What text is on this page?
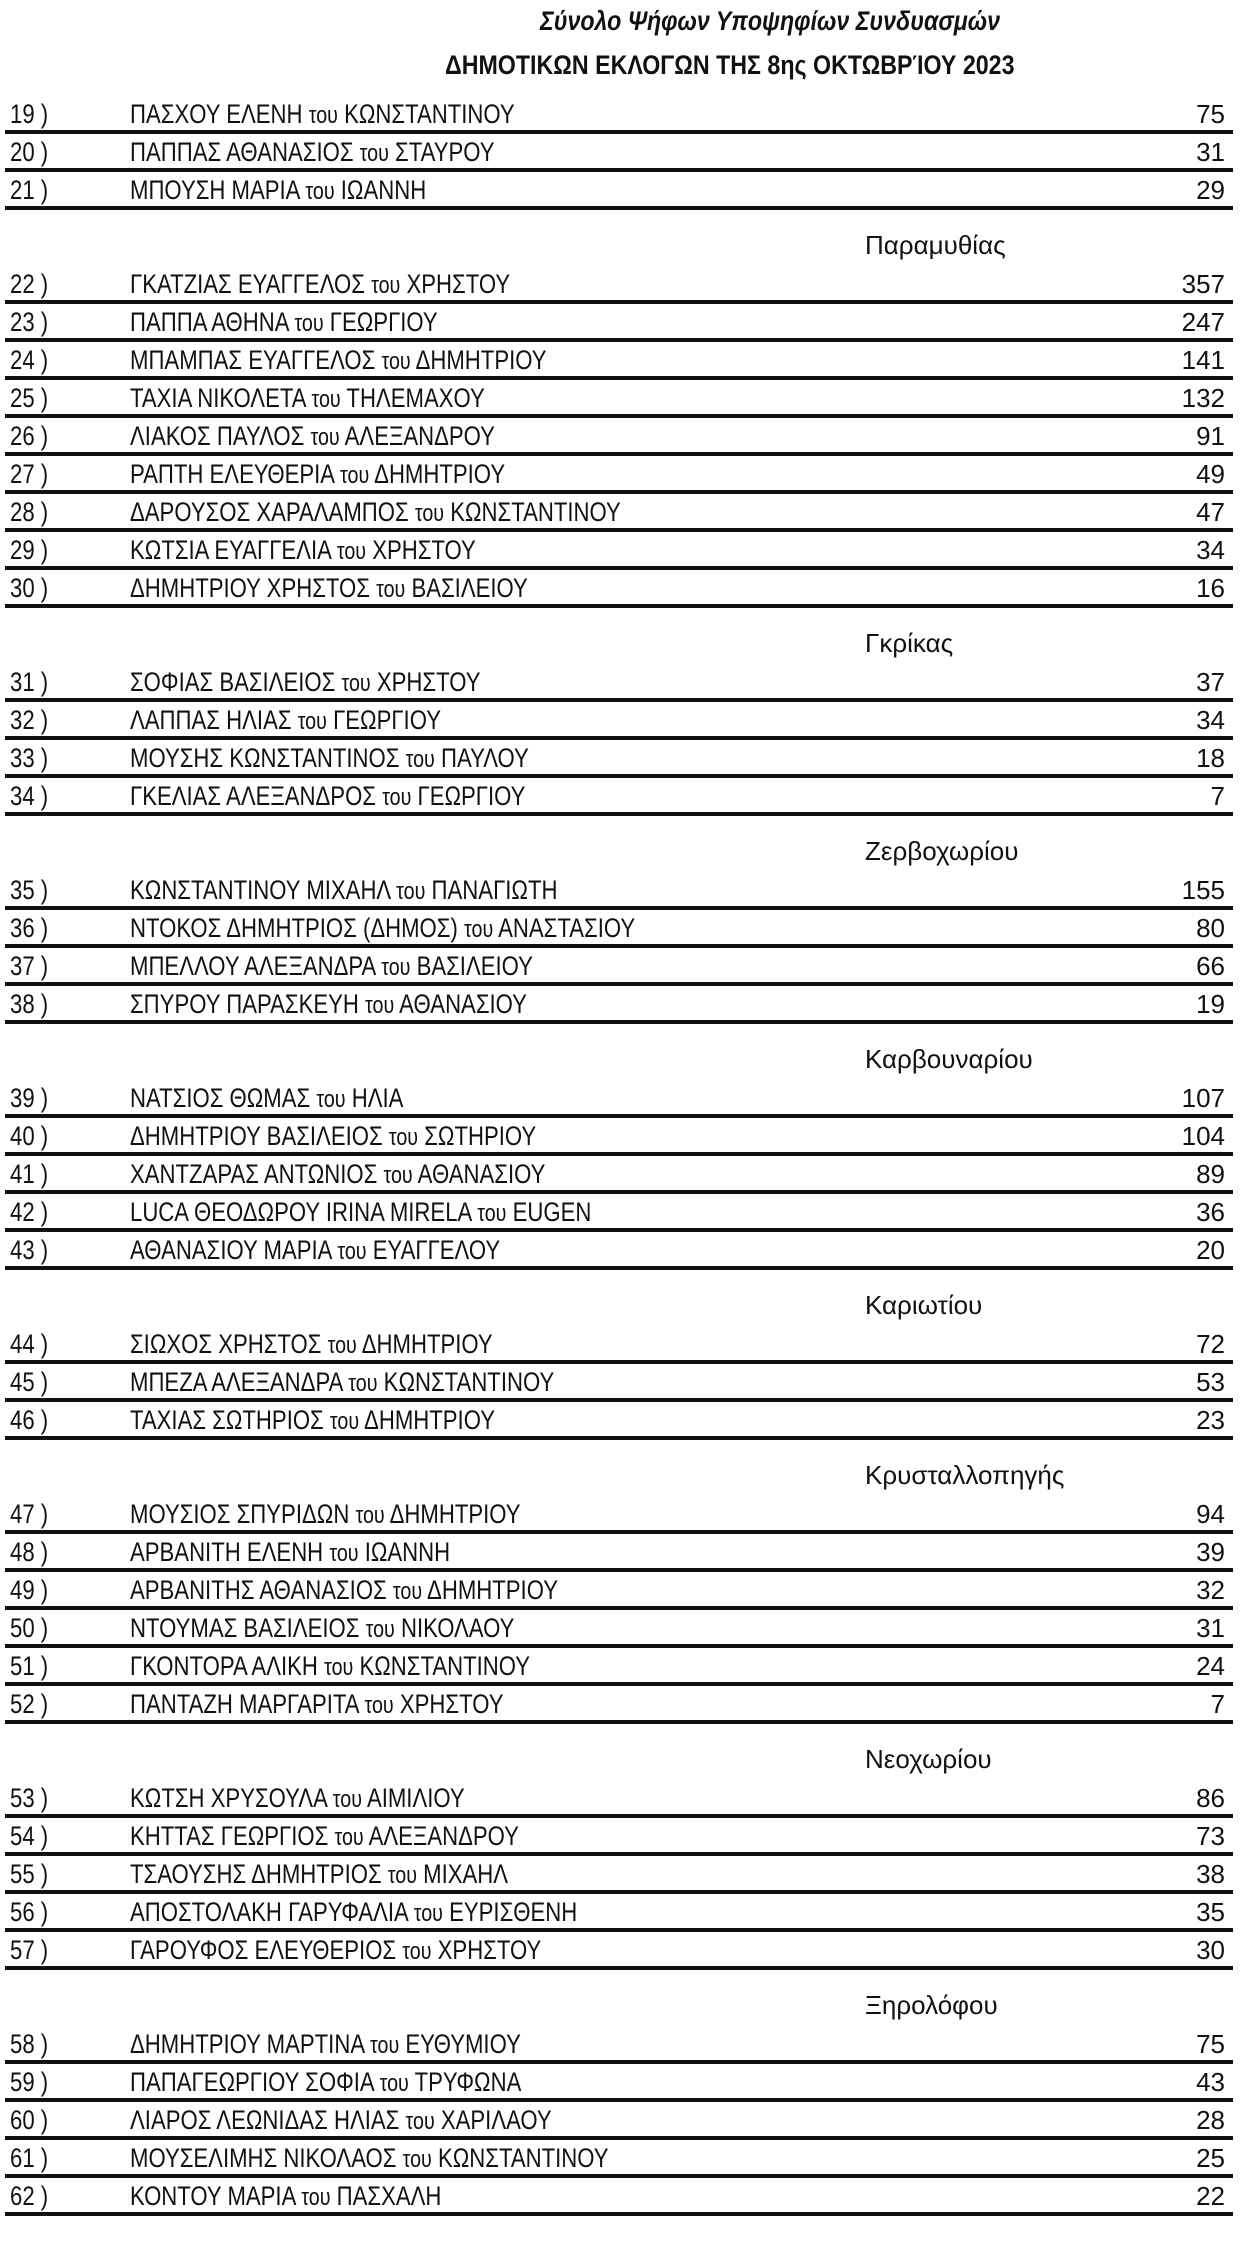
Σύνολο Ψήφων Υποψηφίων Συνδυασμών
ΔΗΜΟΤΙΚΩΝ ΕΚΛΟΓΩΝ ΤΗΣ 8ης ΟΚΤΩΒΡΊΟΥ 2023
19 )	ΠΑΣΧΟΥ ΕΛΕΝΗ του ΚΩΝΣΤΑΝΤΙΝΟΥ	75
20 )	ΠΑΠΠΑΣ ΑΘΑΝΑΣΙΟΣ του ΣΤΑΥΡΟΥ	31
21 )	ΜΠΟΥΣΗ ΜΑΡΙΑ του ΙΩΑΝΝΗ	29
Παραμυθίας
22 )	ΓΚΑΤΖΙΑΣ ΕΥΑΓΓΕΛΟΣ του ΧΡΗΣΤΟΥ	357
23 )	ΠΑΠΠΑ ΑΘΗΝΑ του ΓΕΩΡΓΙΟΥ	247
24 )	ΜΠΑΜΠΑΣ ΕΥΑΓΓΕΛΟΣ του ΔΗΜΗΤΡΙΟΥ	141
25 )	ΤΑΧΙΑ ΝΙΚΟΛΕΤΑ του ΤΗΛΕΜΑΧΟΥ	132
26 )	ΛΙΑΚΟΣ ΠΑΥΛΟΣ του ΑΛΕΞΑΝΔΡΟΥ	91
27 )	ΡΑΠΤΗ ΕΛΕΥΘΕΡΙΑ του ΔΗΜΗΤΡΙΟΥ	49
28 )	ΔΑΡΟΥΣΟΣ ΧΑΡΑΛΑΜΠΟΣ του ΚΩΝΣΤΑΝΤΙΝΟΥ	47
29 )	ΚΩΤΣΙΑ ΕΥΑΓΓΕΛΙΑ του ΧΡΗΣΤΟΥ	34
30 )	ΔΗΜΗΤΡΙΟΥ ΧΡΗΣΤΟΣ του ΒΑΣΙΛΕΙΟΥ	16
Γκρίκας
31 )	ΣΟΦΙΑΣ ΒΑΣΙΛΕΙΟΣ του ΧΡΗΣΤΟΥ	37
32 )	ΛΑΠΠΑΣ ΗΛΙΑΣ του ΓΕΩΡΓΙΟΥ	34
33 )	ΜΟΥΣΗΣ ΚΩΝΣΤΑΝΤΙΝΟΣ του ΠΑΥΛΟΥ	18
34 )	ΓΚΕΛΙΑΣ ΑΛΕΞΑΝΔΡΟΣ του ΓΕΩΡΓΙΟΥ	7
Ζερβοχωρίου
35 )	ΚΩΝΣΤΑΝΤΙΝΟΥ ΜΙΧΑΗΛ του ΠΑΝΑΓΙΩΤΗ	155
36 )	ΝΤΟΚΟΣ ΔΗΜΗΤΡΙΟΣ (ΔΗΜΟΣ) του ΑΝΑΣΤΑΣΙΟΥ	80
37 )	ΜΠΕΛΛΟΥ ΑΛΕΞΑΝΔΡΑ του ΒΑΣΙΛΕΙΟΥ	66
38 )	ΣΠΥΡΟΥ ΠΑΡΑΣΚΕΥΗ του ΑΘΑΝΑΣΙΟΥ	19
Καρβουναρίου
39 )	ΝΑΤΣΙΟΣ ΘΩΜΑΣ του ΗΛΙΑ	107
40 )	ΔΗΜΗΤΡΙΟΥ ΒΑΣΙΛΕΙΟΣ του ΣΩΤΗΡΙΟΥ	104
41 )	ΧΑΝΤΖΑΡΑΣ ΑΝΤΩΝΙΟΣ του ΑΘΑΝΑΣΙΟΥ	89
42 )	LUCA ΘΕΟΔΩΡΟΥ IRINA MIRELA του EUGEN	36
43 )	ΑΘΑΝΑΣΙΟΥ ΜΑΡΙΑ του ΕΥΑΓΓΕΛΟΥ	20
Καριωτίου
44 )	ΣΙΩΧΟΣ ΧΡΗΣΤΟΣ του ΔΗΜΗΤΡΙΟΥ	72
45 )	ΜΠΕΖΑ ΑΛΕΞΑΝΔΡΑ του ΚΩΝΣΤΑΝΤΙΝΟΥ	53
46 )	ΤΑΧΙΑΣ ΣΩΤΗΡΙΟΣ του ΔΗΜΗΤΡΙΟΥ	23
Κρυσταλλοπηγής
47 )	ΜΟΥΣΙΟΣ ΣΠΥΡΙΔΩΝ του ΔΗΜΗΤΡΙΟΥ	94
48 )	ΑΡΒΑΝΙΤΗ ΕΛΕΝΗ του ΙΩΑΝΝΗ	39
49 )	ΑΡΒΑΝΙΤΗΣ ΑΘΑΝΑΣΙΟΣ του ΔΗΜΗΤΡΙΟΥ	32
50 )	ΝΤΟΥΜΑΣ ΒΑΣΙΛΕΙΟΣ του ΝΙΚΟΛΑΟΥ	31
51 )	ΓΚΟΝΤΟΡΑ ΑΛΙΚΗ του ΚΩΝΣΤΑΝΤΙΝΟΥ	24
52 )	ΠΑΝΤΑΖΗ ΜΑΡΓΑΡΙΤΑ του ΧΡΗΣΤΟΥ	7
Νεοχωρίου
53 )	ΚΩΤΣΗ ΧΡΥΣΟΥΛΑ του ΑΙΜΙΛΙΟΥ	86
54 )	ΚΗΤΤΑΣ ΓΕΩΡΓΙΟΣ του ΑΛΕΞΑΝΔΡΟΥ	73
55 )	ΤΣΑΟΥΣΗΣ ΔΗΜΗΤΡΙΟΣ του ΜΙΧΑΗΛ	38
56 )	ΑΠΟΣΤΟΛΑΚΗ ΓΑΡΥΦΑΛΙΑ του ΕΥΡΙΣΘΕΝΗ	35
57 )	ΓΑΡΟΥΦΟΣ ΕΛΕΥΘΕΡΙΟΣ του ΧΡΗΣΤΟΥ	30
Ξηρολόφου
58 )	ΔΗΜΗΤΡΙΟΥ ΜΑΡΤΙΝΑ του ΕΥΘΥΜΙΟΥ	75
59 )	ΠΑΠΑΓΕΩΡΓΙΟΥ ΣΟΦΙΑ του ΤΡΥΦΩΝΑ	43
60 )	ΛΙΑΡΟΣ ΛΕΩΝΙΔΑΣ ΗΛΙΑΣ του ΧΑΡΙΛΑΟΥ	28
61 )	ΜΟΥΣΕΛΙΜΗΣ ΝΙΚΟΛΑΟΣ του ΚΩΝΣΤΑΝΤΙΝΟΥ	25
62 )	ΚΟΝΤΟΥ ΜΑΡΙΑ του ΠΑΣΧΑΛΗ	22
